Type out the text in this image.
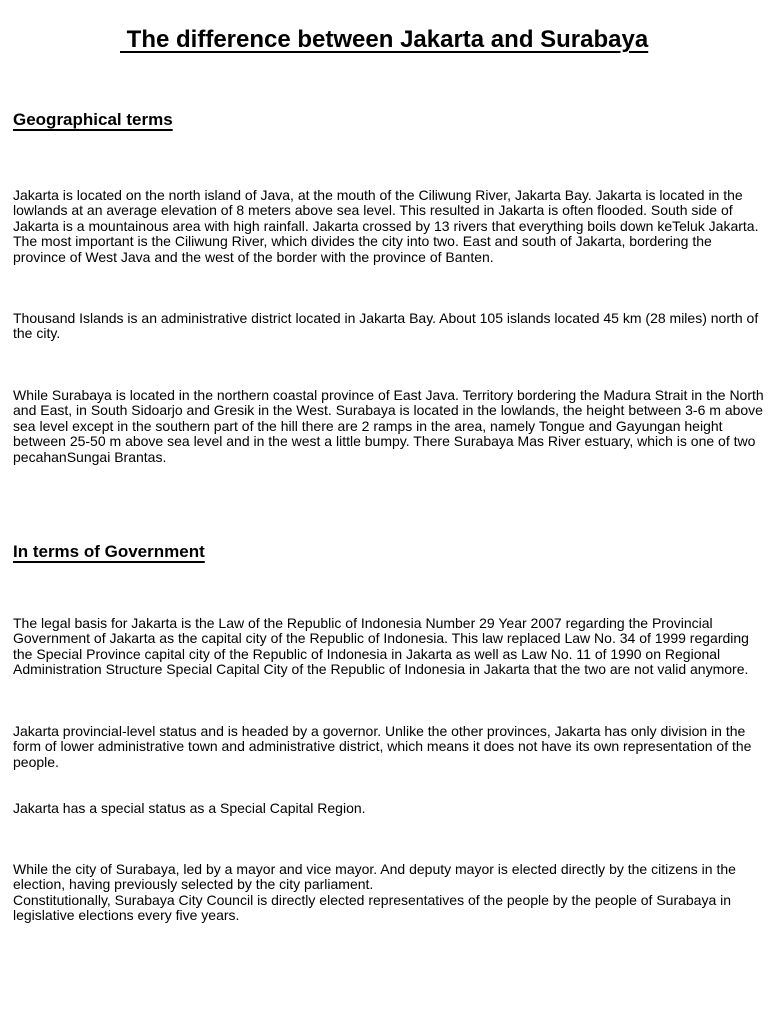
The difference between Jakarta and Surabaya
Geographical terms

Jakarta is located on the north island of Java, at the mouth of the Ciliwung River, Jakarta Bay. Jakarta is located in the lowlands at an average elevation of 8 meters above sea level. This resulted in Jakarta is often flooded. South side of Jakarta is a mountainous area with high rainfall. Jakarta crossed by 13 rivers that everything boils down keTeluk Jakarta. The most important is the Ciliwung River, which divides the city into two. East and south of Jakarta, bordering the province of West Java and the west of the border with the province of Banten.

Thousand Islands is an administrative district located in Jakarta Bay. About 105 islands located 45 km (28 miles) north of the city.

While Surabaya is located in the northern coastal province of East Java. Territory bordering the Madura Strait in the North and East, in South Sidoarjo and Gresik in the West. Surabaya is located in the lowlands, the height between 3-6 m above sea level except in the southern part of the hill there are 2 ramps in the area, namely Tongue and Gayungan height between 25-50 m above sea level and in the west a little bumpy. There Surabaya Mas River estuary, which is one of two pecahanSungai Brantas.

In terms of Government

The legal basis for Jakarta is the Law of the Republic of Indonesia Number 29 Year 2007 regarding the Provincial Government of Jakarta as the capital city of the Republic of Indonesia. This law replaced Law No. 34 of 1999 regarding the Special Province capital city of the Republic of Indonesia in Jakarta as well as Law No. 11 of 1990 on Regional Administration Structure Special Capital City of the Republic of Indonesia in Jakarta that the two are not valid anymore.

Jakarta provincial-level status and is headed by a governor. Unlike the other provinces, Jakarta has only division in the form of lower administrative town and administrative district, which means it does not have its own representation of the people.

Jakarta has a special status as a Special Capital Region.

While the city of Surabaya, led by a mayor and vice mayor. And deputy mayor is elected directly by the citizens in the election, having previously selected by the city parliament.
Constitutionally, Surabaya City Council is directly elected representatives of the people by the people of Surabaya in legislative elections every five years.
